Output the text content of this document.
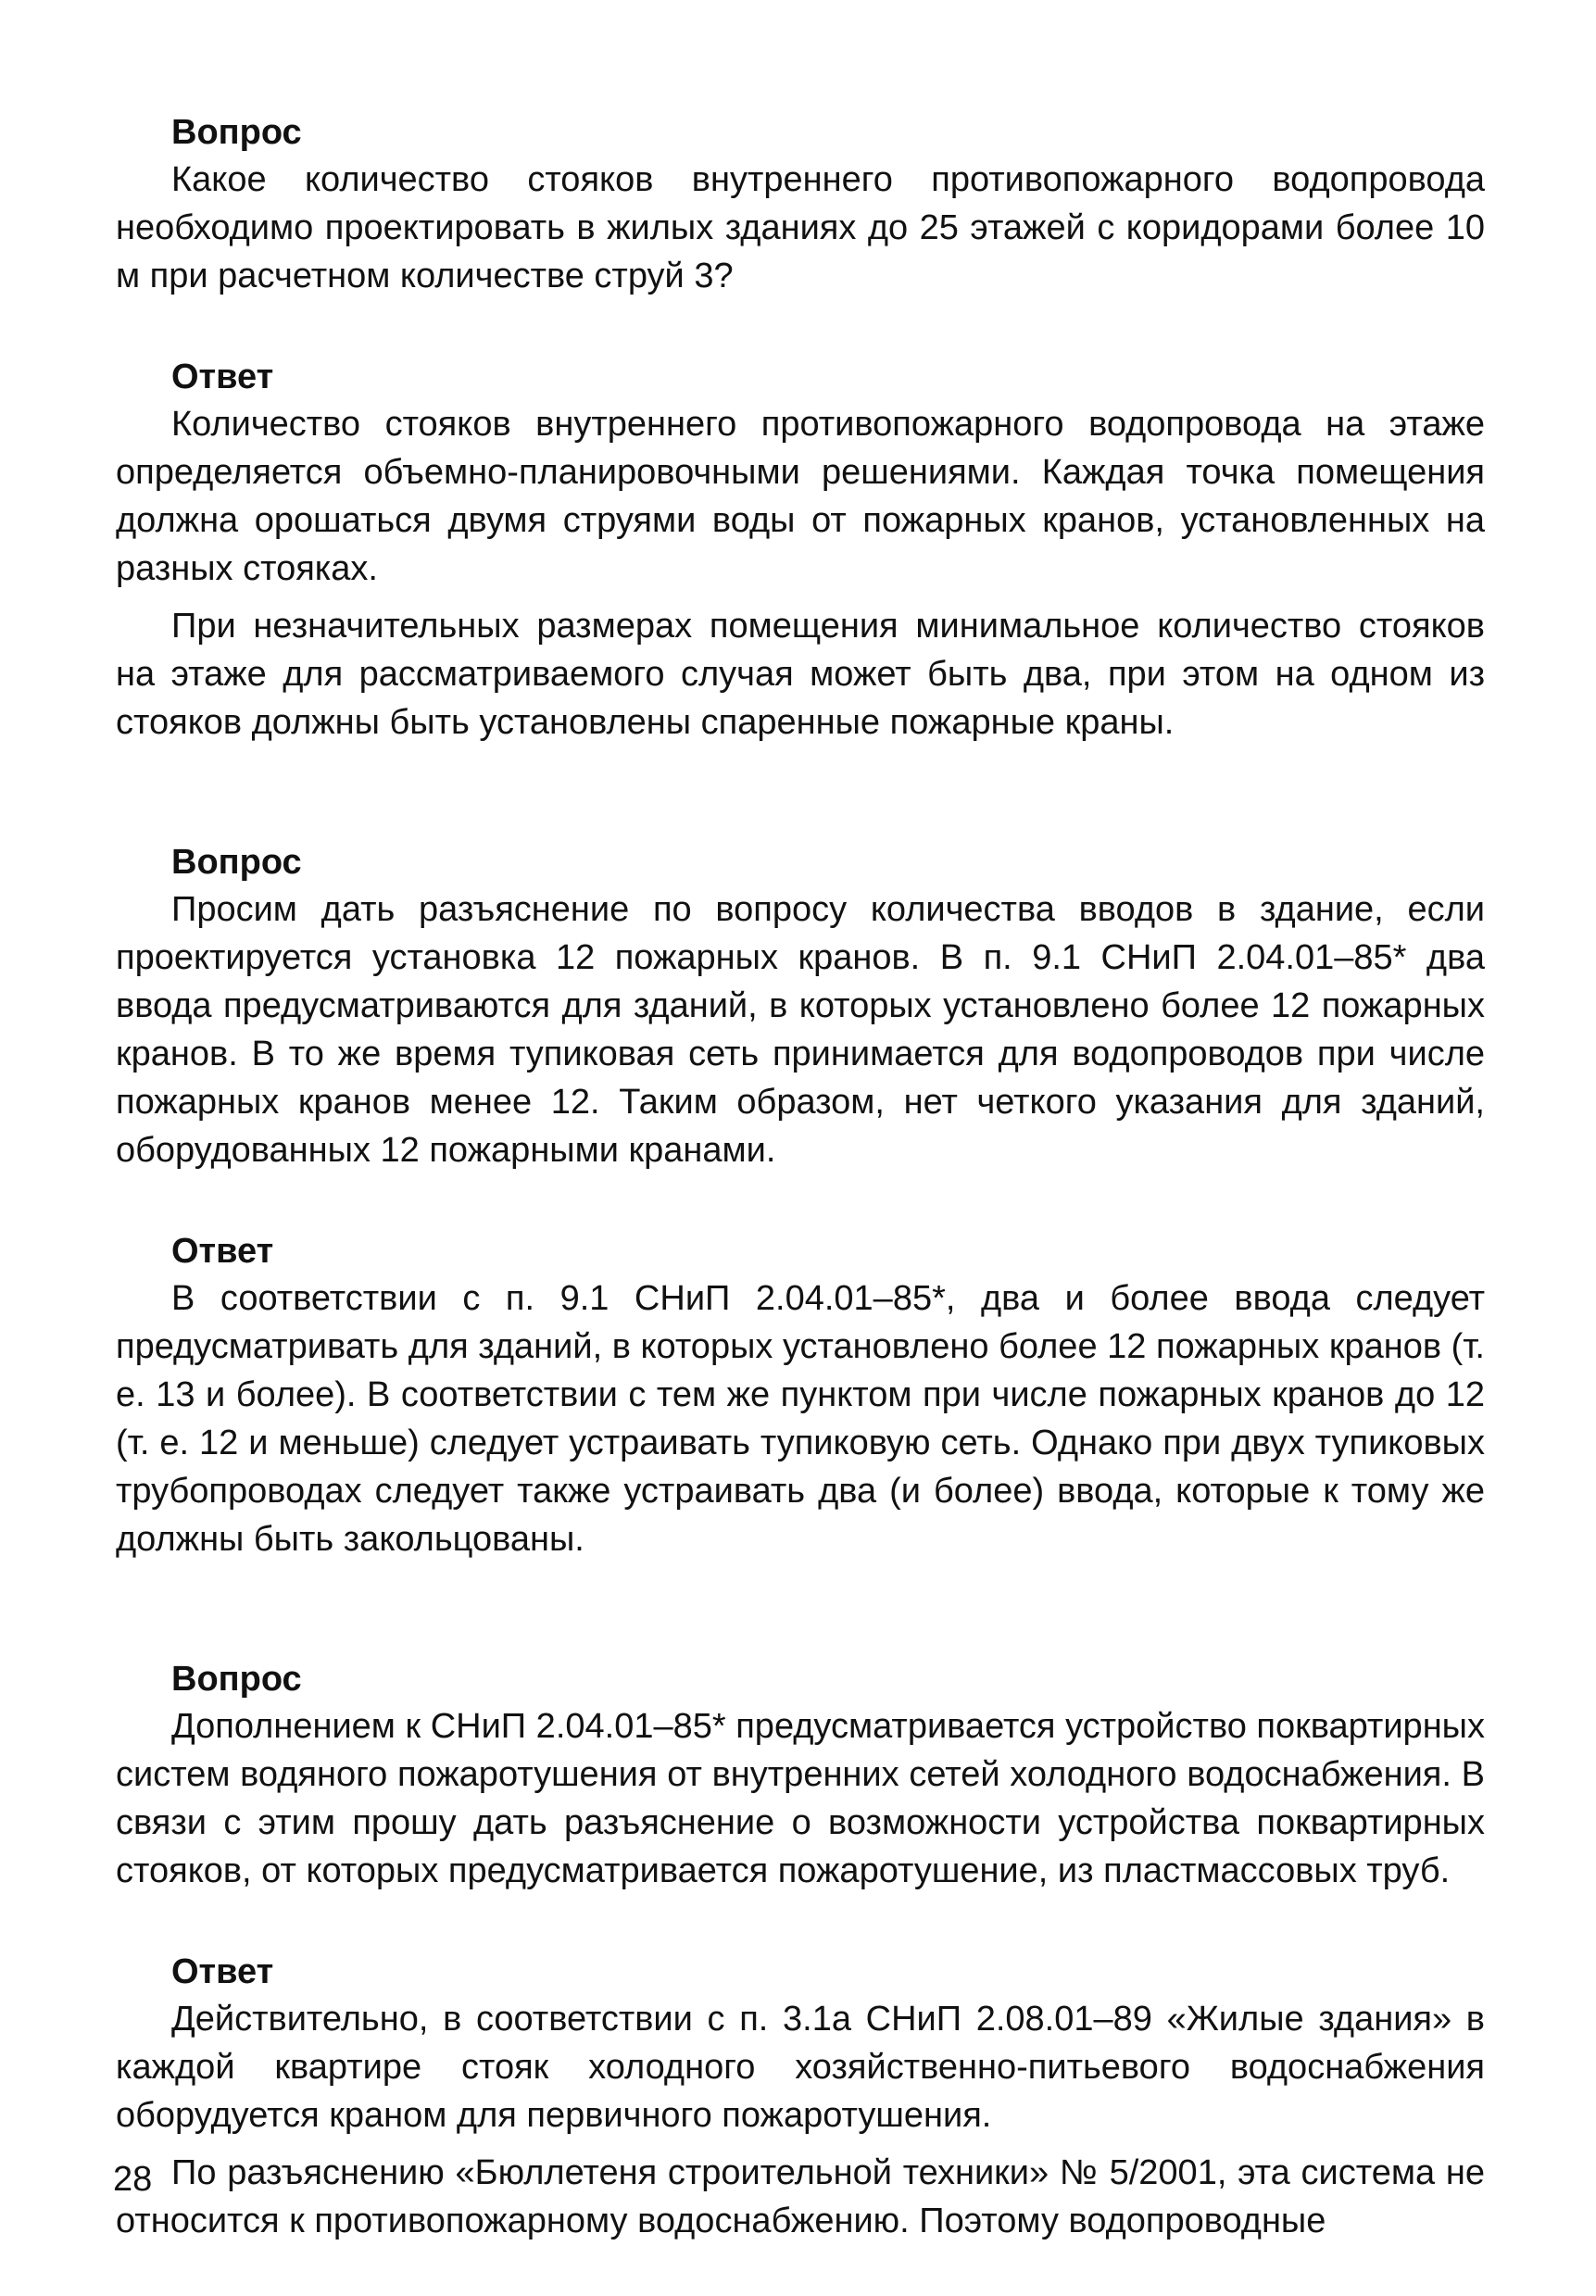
Вопрос

Какое количество стояков внутреннего противопожарного водопровода необходимо проектировать в жилых зданиях до 25 этажей с коридорами более 10 м при расчетном количестве струй 3?

Ответ

Количество стояков внутреннего противопожарного водопровода на этаже определяется объемно-планировочными решениями. Каждая точка помещения должна орошаться двумя струями воды от пожарных кранов, установленных на разных стояках.

При незначительных размерах помещения минимальное количество стояков на этаже для рассматриваемого случая может быть два, при этом на одном из стояков должны быть установлены спаренные пожарные краны.

Вопрос

Просим дать разъяснение по вопросу количества вводов в здание, если проектируется установка 12 пожарных кранов. В п. 9.1 СНиП 2.04.01–85* два ввода предусматриваются для зданий, в которых установлено более 12 пожарных кранов. В то же время тупиковая сеть принимается для водопроводов при числе пожарных кранов менее 12. Таким образом, нет четкого указания для зданий, оборудованных 12 пожарными кранами.

Ответ

В соответствии с п. 9.1 СНиП 2.04.01–85*, два и более ввода следует предусматривать для зданий, в которых установлено более 12 пожарных кранов (т. е. 13 и более). В соответствии с тем же пунктом при числе пожарных кранов до 12 (т. е. 12 и меньше) следует устраивать тупиковую сеть. Однако при двух тупиковых трубопроводах следует также устраивать два (и более) ввода, которые к тому же должны быть закольцованы.

Вопрос

Дополнением к СНиП 2.04.01–85* предусматривается устройство поквартирных систем водяного пожаротушения от внутренних сетей холодного водоснабжения. В связи с этим прошу дать разъяснение о возможности устройства поквартирных стояков, от которых предусматривается пожаротушение, из пластмассовых труб.

Ответ

Действительно, в соответствии с п. 3.1а СНиП 2.08.01–89 «Жилые здания» в каждой квартире стояк холодного хозяйственно-питьевого водоснабжения оборудуется краном для первичного пожаротушения.

По разъяснению «Бюллетеня строительной техники» № 5/2001, эта система не относится к противопожарному водоснабжению. Поэтому водопроводные

28
